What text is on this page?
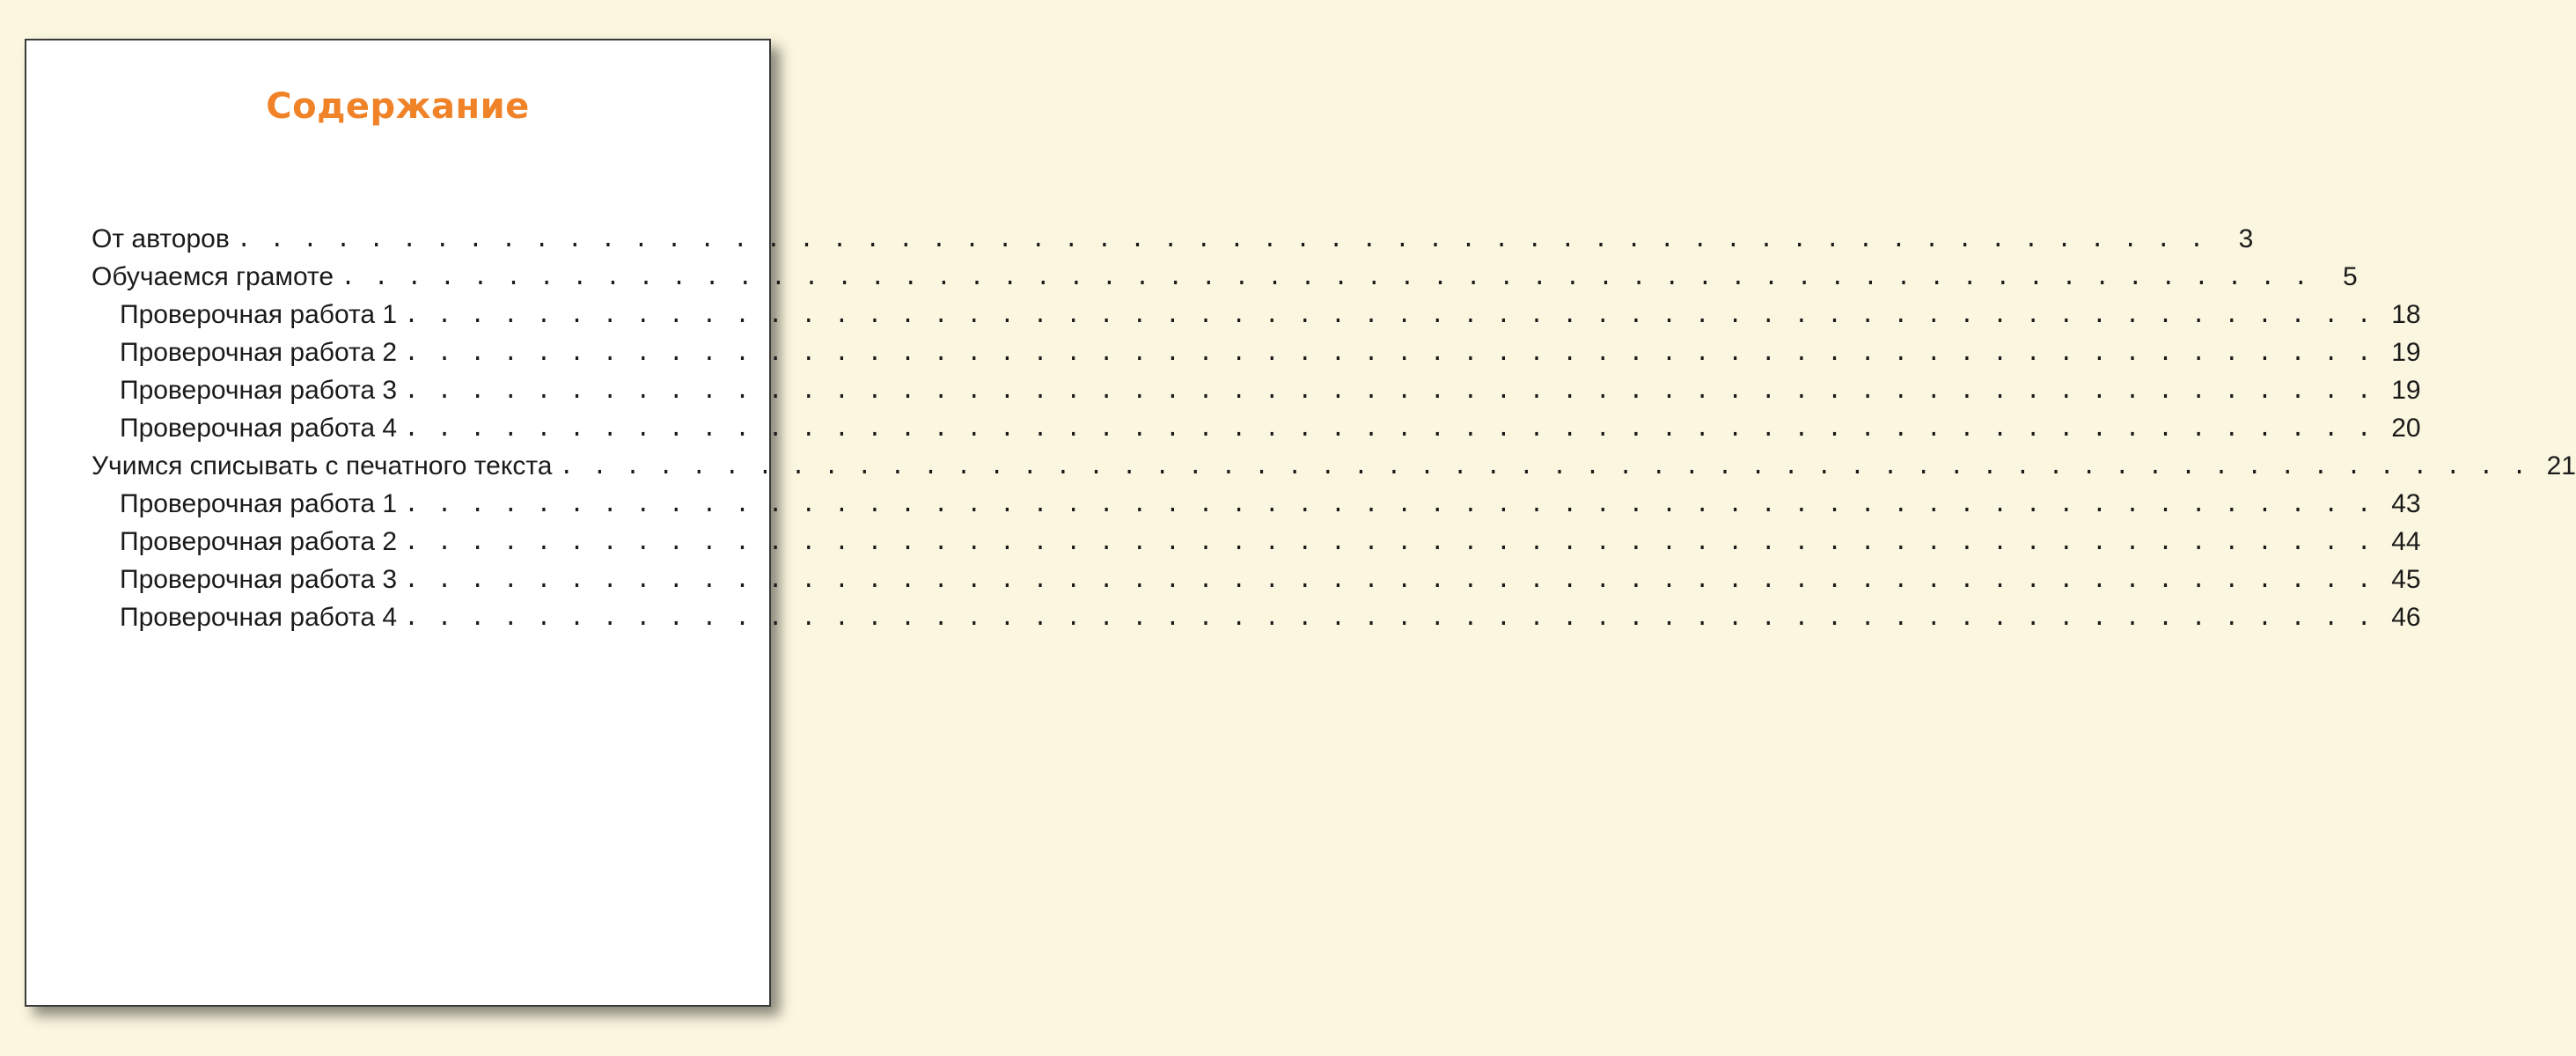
Содержание
От авторов . . . . . . . . . . . . . . . . . . . . . . . . . . . . . . . . . . . . . . . . . . . . . . . . . . . . . . . . . . . .	3
Обучаемся грамоте . . . . . . . . . . . . . . . . . . . . . . . . . . . . . . . . . . . . . . . . . . . . . . . . . . . . . . . . . . . .	5
Проверочная работа 1 . . . . . . . . . . . . . . . . . . . . . . . . . . . . . . . . . . . . . . . . . . . . . . . . . . . . . . . . . . . . 18
Проверочная работа 2 . . . . . . . . . . . . . . . . . . . . . . . . . . . . . . . . . . . . . . . . . . . . . . . . . . . . . . . . . . . . 19
Проверочная работа 3 . . . . . . . . . . . . . . . . . . . . . . . . . . . . . . . . . . . . . . . . . . . . . . . . . . . . . . . . . . . . 19
Проверочная работа 4 . . . . . . . . . . . . . . . . . . . . . . . . . . . . . . . . . . . . . . . . . . . . . . . . . . . . . . . . . . . . 20
Учимся списывать с печатного текста . . . . . . . . . . . . . . . . . . . . . . . . . . . . . . . . . . . . . . . . . . . . . . . . . . . . . . . . . . . . 21
Проверочная работа 1 . . . . . . . . . . . . . . . . . . . . . . . . . . . . . . . . . . . . . . . . . . . . . . . . . . . . . . . . . . . . 43
Проверочная работа 2 . . . . . . . . . . . . . . . . . . . . . . . . . . . . . . . . . . . . . . . . . . . . . . . . . . . . . . . . . . . . 44
Проверочная работа 3 . . . . . . . . . . . . . . . . . . . . . . . . . . . . . . . . . . . . . . . . . . . . . . . . . . . . . . . . . . . . 45
Проверочная работа 4 . . . . . . . . . . . . . . . . . . . . . . . . . . . . . . . . . . . . . . . . . . . . . . . . . . . . . . . . . . . . 46
